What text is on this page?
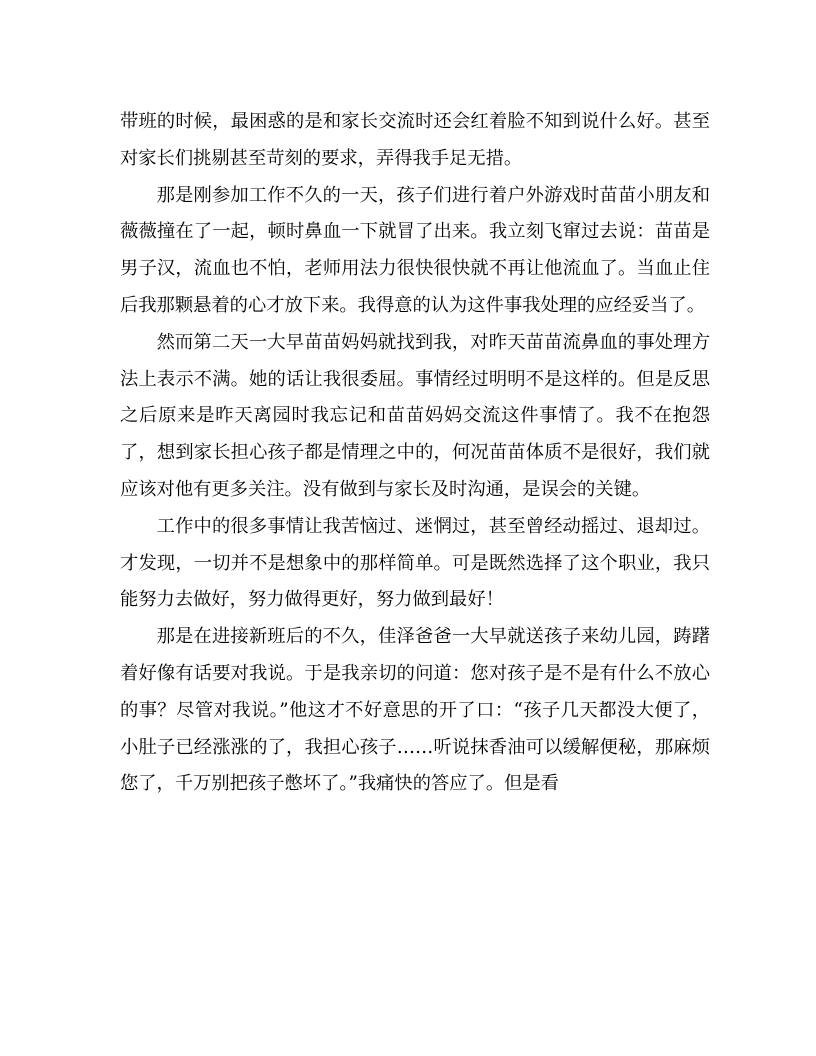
带班的时候，最困惑的是和家长交流时还会红着脸不知到说什么好。甚至对家长们挑剔甚至苛刻的要求，弄得我手足无措。

那是刚参加工作不久的一天，孩子们进行着户外游戏时苗苗小朋友和薇薇撞在了一起，顿时鼻血一下就冒了出来。我立刻飞窜过去说：苗苗是男子汉，流血也不怕，老师用法力很快很快就不再让他流血了。当血止住后我那颗悬着的心才放下来。我得意的认为这件事我处理的应经妥当了。

然而第二天一大早苗苗妈妈就找到我，对昨天苗苗流鼻血的事处理方法上表示不满。她的话让我很委屈。事情经过明明不是这样的。但是反思之后原来是昨天离园时我忘记和苗苗妈妈交流这件事情了。我不在抱怨了，想到家长担心孩子都是情理之中的，何况苗苗体质不是很好，我们就应该对他有更多关注。没有做到与家长及时沟通，是误会的关键。

工作中的很多事情让我苦恼过、迷惘过，甚至曾经动摇过、退却过。才发现，一切并不是想象中的那样简单。可是既然选择了这个职业，我只能努力去做好，努力做得更好，努力做到最好！

那是在进接新班后的不久，佳泽爸爸一大早就送孩子来幼儿园，踌躇着好像有话要对我说。于是我亲切的问道：您对孩子是不是有什么不放心的事？尽管对我说。”他这才不好意思的开了口：“孩子几天都没大便了，小肚子已经涨涨的了，我担心孩子……听说抹香油可以缓解便秘，那麻烦您了，千万别把孩子憋坏了。”我痛快的答应了。但是看
